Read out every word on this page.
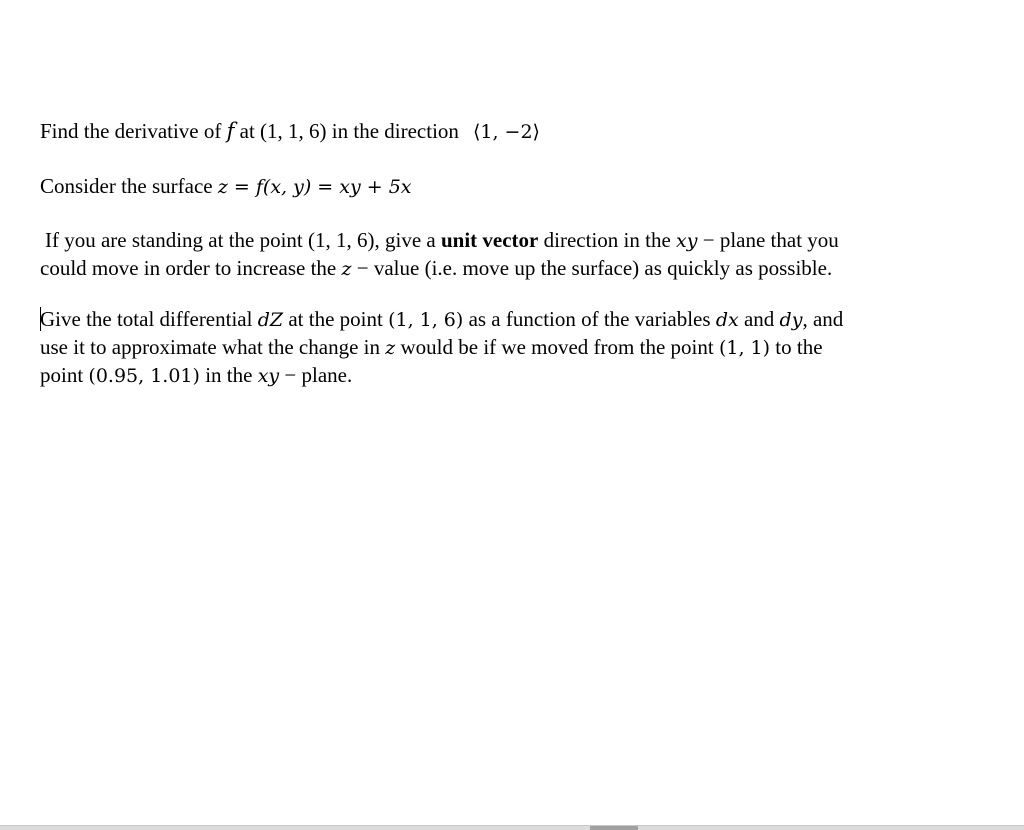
Find the derivative of f at (1, 1, 6) in the direction ⟨1, −2⟩

Consider the surface z = f(x, y) = xy + 5x

If you are standing at the point (1, 1, 6), give a unit vector direction in the xy − plane that you
could move in order to increase the z − value (i.e. move up the surface) as quickly as possible.
Give the total differential dZ at the point (1, 1, 6) as a function of the variables dx and dy, and
use it to approximate what the change in z would be if we moved from the point (1, 1) to the
point (0.95, 1.01) in the xy − plane.
